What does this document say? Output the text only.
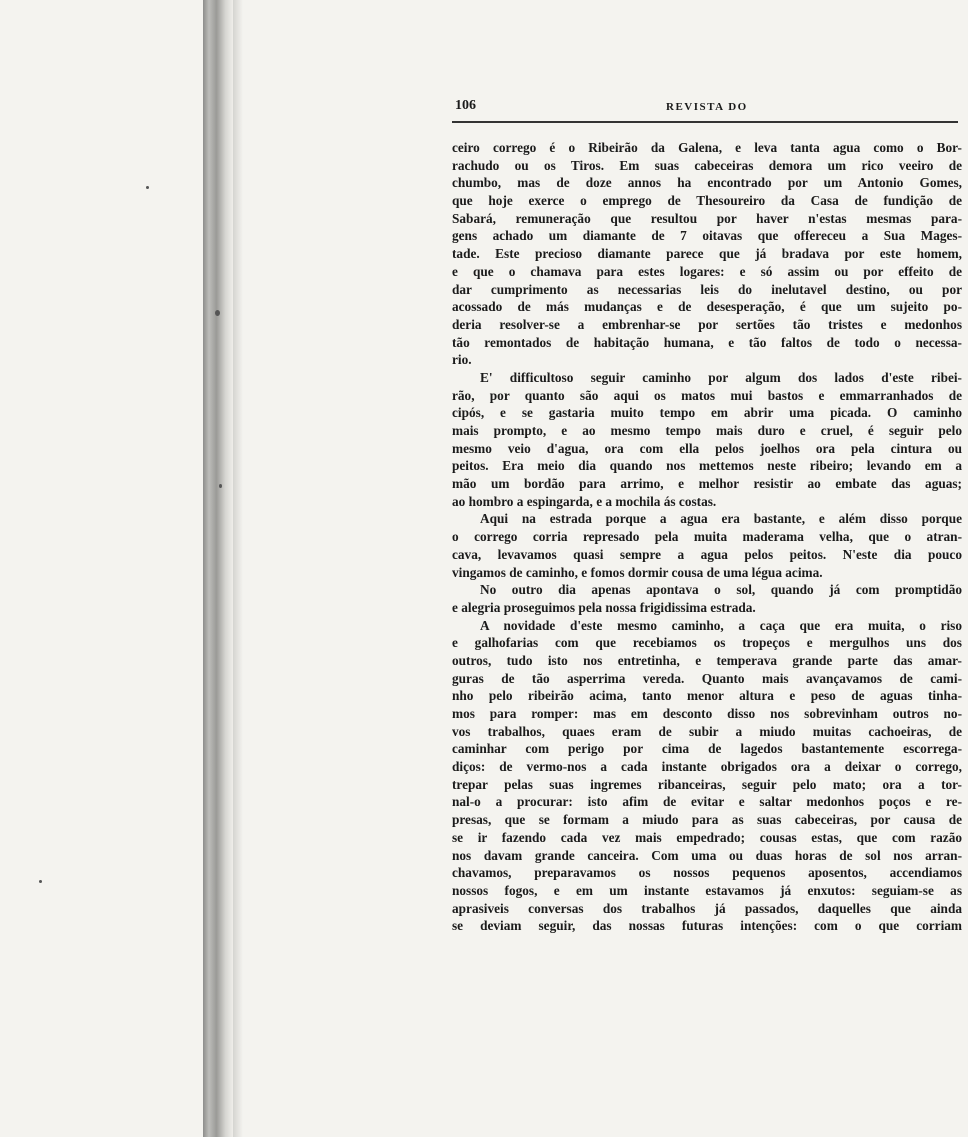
106	REVISTA DO
ceiro corrego é o Ribeirão da Galena, e leva tanta agua como o Bor-
rachudo ou os Tiros. Em suas cabeceiras demora um rico veeiro de
chumbo, mas de doze annos ha encontrado por um Antonio Gomes,
que hoje exerce o emprego de Thesoureiro da Casa de fundição de
Sabará, remuneração que resultou por haver n'estas mesmas para-
gens achado um diamante de 7 oitavas que offereceu a Sua Mages-
tade. Este precioso diamante parece que já bradava por este homem,
e que o chamava para estes logares: e só assim ou por effeito de
dar cumprimento as necessarias leis do inelutavel destino, ou por
acossado de más mudanças e de desesperação, é que um sujeito po-
deria resolver-se a embrenhar-se por sertões tão tristes e medonhos
tão remontados de habitação humana, e tão faltos de todo o necessa-
rio.
E' difficultoso seguir caminho por algum dos lados d'este ribei-
rão, por quanto são aqui os matos mui bastos e emmarranhados de
cipós, e se gastaria muito tempo em abrir uma picada. O caminho
mais prompto, e ao mesmo tempo mais duro e cruel, é seguir pelo
mesmo veio d'agua, ora com ella pelos joelhos ora pela cintura ou
peitos. Era meio dia quando nos mettemos neste ribeiro; levando em a
mão um bordão para arrimo, e melhor resistir ao embate das aguas;
ao hombro a espingarda, e a mochila ás costas.
Aqui na estrada porque a agua era bastante, e além disso porque
o corrego corria represado pela muita maderama velha, que o atran-
cava, levavamos quasi sempre a agua pelos peitos. N'este dia pouco
vingamos de caminho, e fomos dormir cousa de uma légua acima.
No outro dia apenas apontava o sol, quando já com promptidão
e alegria proseguimos pela nossa frigidissima estrada.
A novidade d'este mesmo caminho, a caça que era muita, o riso
e galhofarias com que recebiamos os tropeços e mergulhos uns dos
outros, tudo isto nos entretinha, e temperava grande parte das amar-
guras de tão asperrima vereda. Quanto mais avançavamos de cami-
nho pelo ribeirão acima, tanto menor altura e peso de aguas tinha-
mos para romper: mas em desconto disso nos sobrevinham outros no-
vos trabalhos, quaes eram de subir a miudo muitas cachoeiras, de
caminhar com perigo por cima de lagedos bastantemente escorrega-
diços: de vermo-nos a cada instante obrigados ora a deixar o corrego,
trepar pelas suas ingremes ribanceiras, seguir pelo mato; ora a tor-
nal-o a procurar: isto afim de evitar e saltar medonhos poços e re-
presas, que se formam a miudo para as suas cabeceiras, por causa de
se ir fazendo cada vez mais empedrado; cousas estas, que com razão
nos davam grande canceira. Com uma ou duas horas de sol nos arran-
chavamos, preparavamos os nossos pequenos aposentos, accendiamos
nossos fogos, e em um instante estavamos já enxutos: seguiam-se as
aprasiveis conversas dos trabalhos já passados, daquelles que ainda
se deviam seguir, das nossas futuras intenções: com o que corriam
